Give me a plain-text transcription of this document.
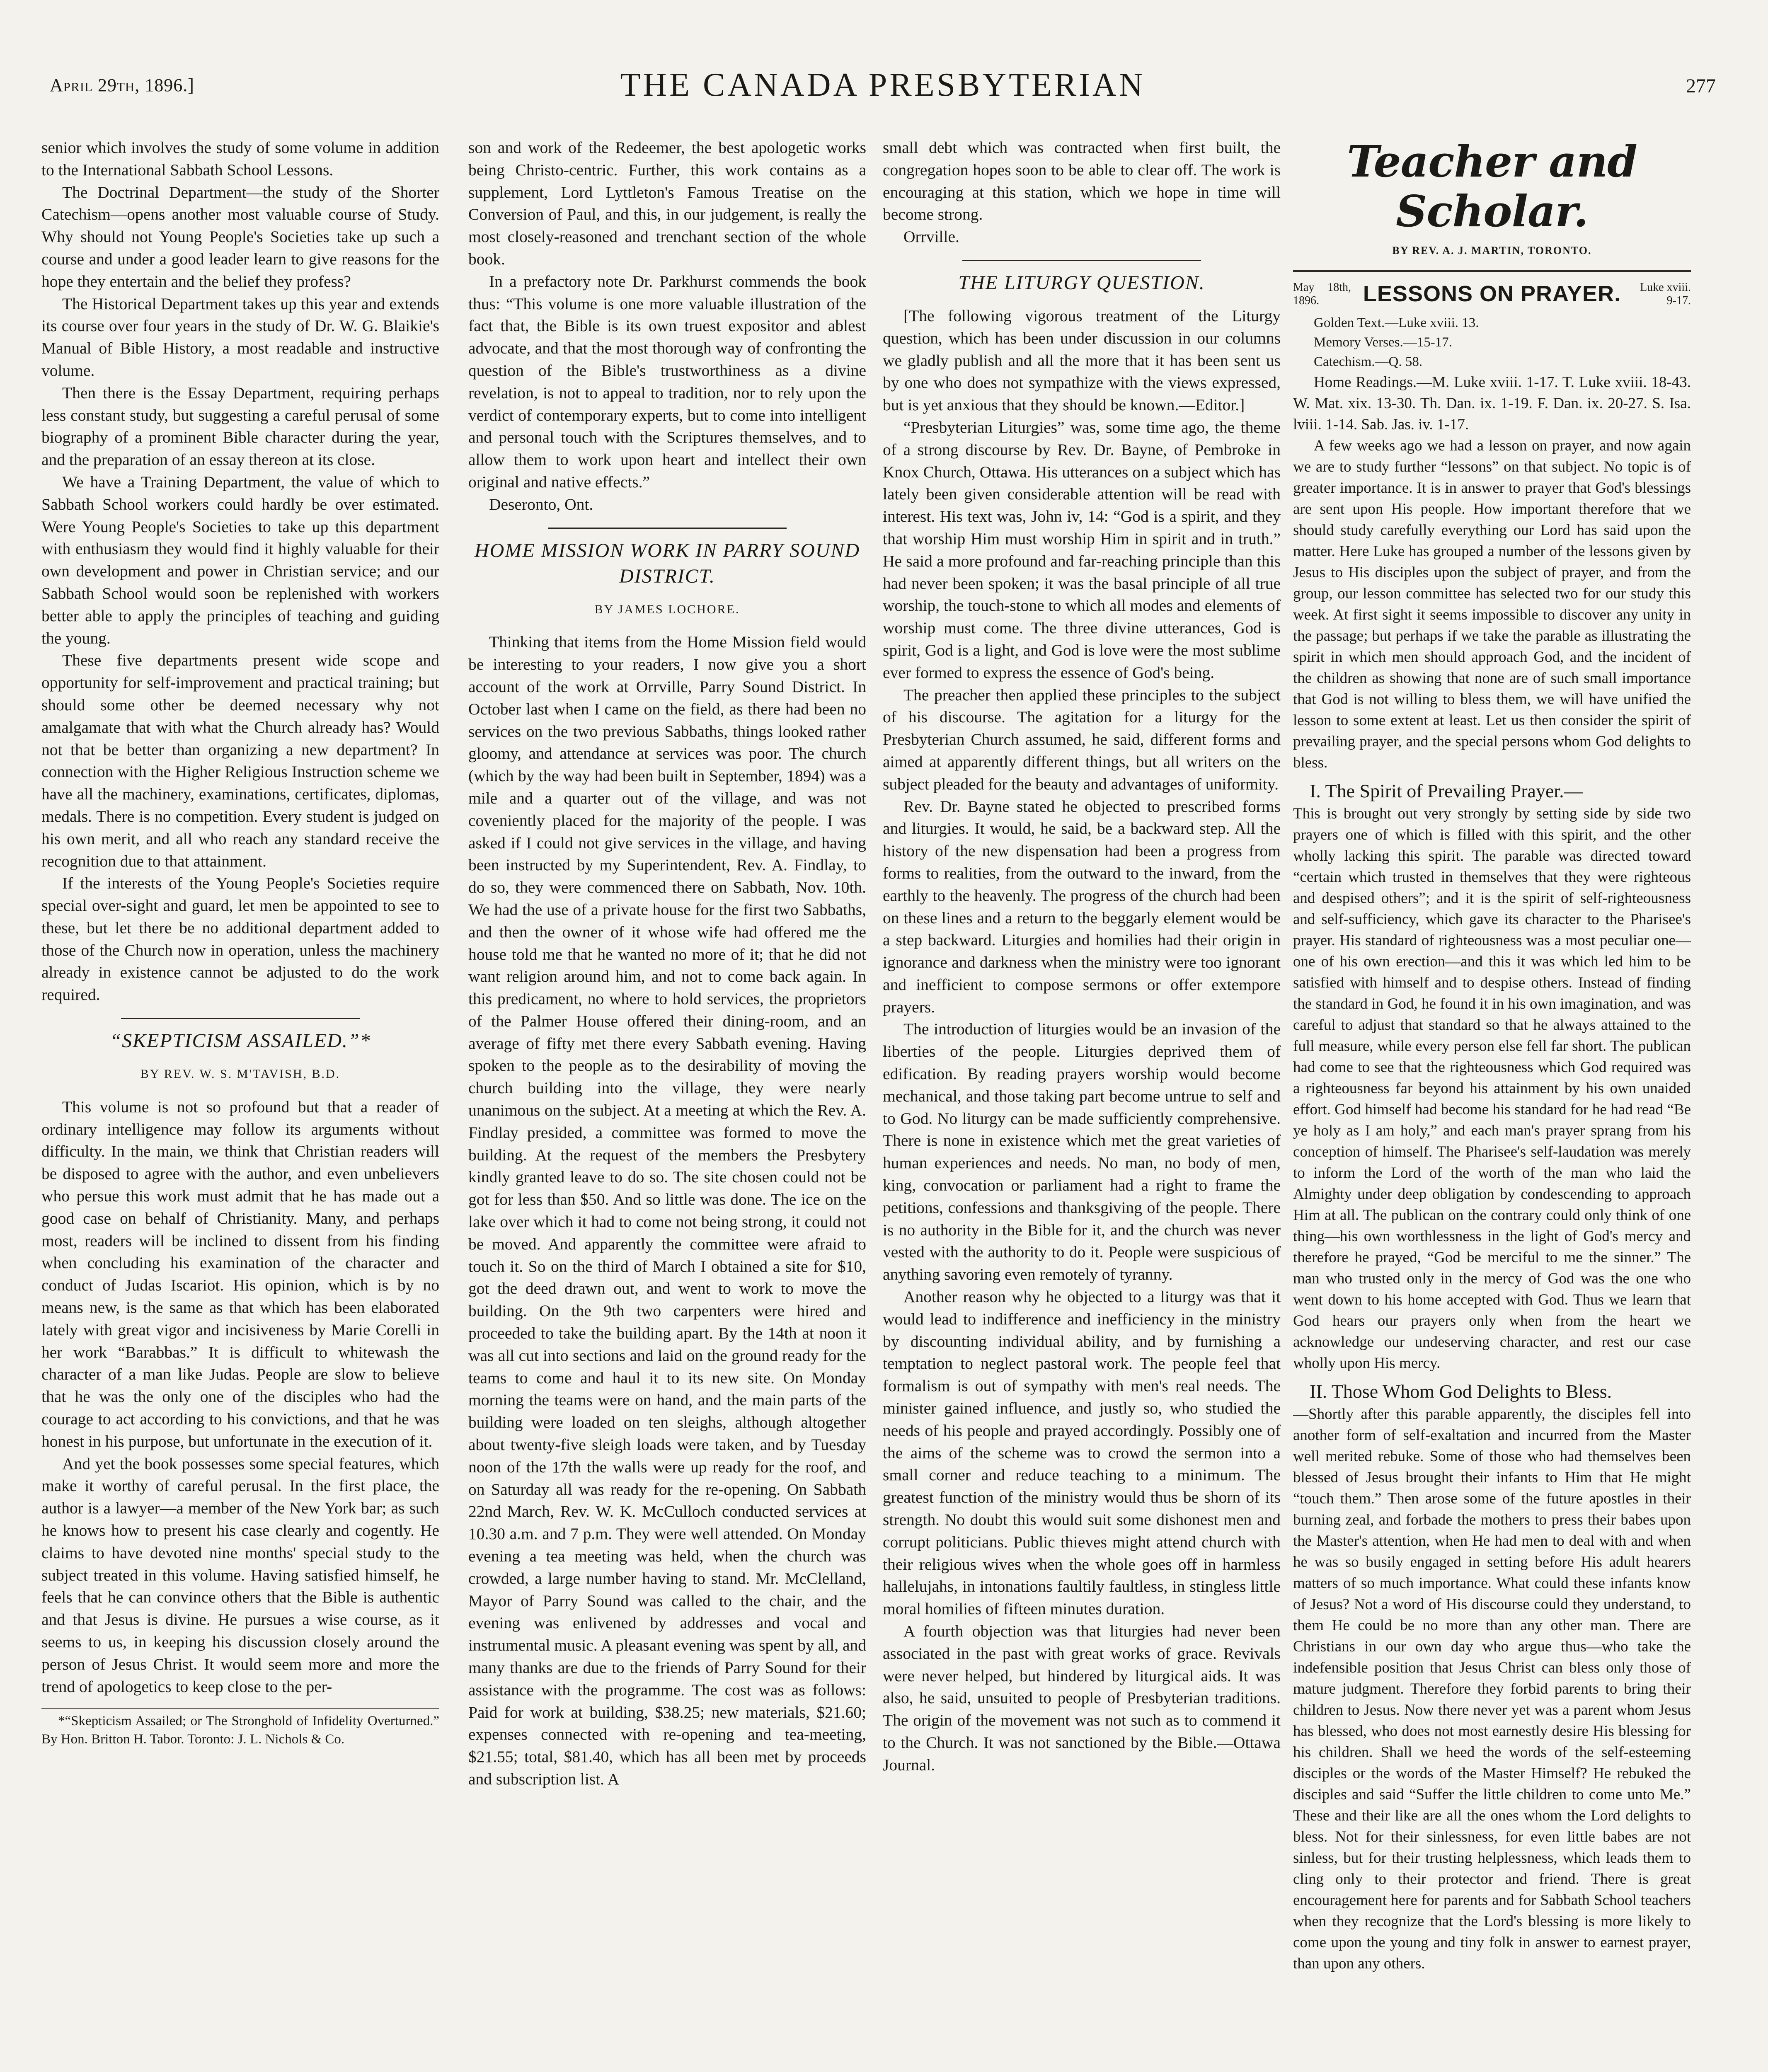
April 29th, 1896.]	THE CANADA PRESBYTERIAN	277

senior which involves the study of some volume in addition to the International Sabbath School Lessons.

The Doctrinal Department—the study of the Shorter Catechism—opens another most valuable course of Study. Why should not Young People's Societies take up such a course and under a good leader learn to give reasons for the hope they entertain and the belief they profess?

The Historical Department takes up this year and extends its course over four years in the study of Dr. W. G. Blaikie's Manual of Bible History, a most readable and instructive volume.

Then there is the Essay Department, requiring perhaps less constant study, but suggesting a careful perusal of some biography of a prominent Bible character during the year, and the preparation of an essay thereon at its close.

We have a Training Department, the value of which to Sabbath School workers could hardly be over estimated. Were Young People's Societies to take up this department with enthusiasm they would find it highly valuable for their own development and power in Christian service; and our Sabbath School would soon be replenished with workers better able to apply the principles of teaching and guiding the young.

These five departments present wide scope and opportunity for self-improvement and practical training; but should some other be deemed necessary why not amalgamate that with what the Church already has? Would not that be better than organizing a new department? In connection with the Higher Religious Instruction scheme we have all the machinery, examinations, certificates, diplomas, medals. There is no competition. Every student is judged on his own merit, and all who reach any standard receive the recognition due to that attainment.

If the interests of the Young People's Societies require special over-sight and guard, let men be appointed to see to these, but let there be no additional department added to those of the Church now in operation, unless the machinery already in existence cannot be adjusted to do the work required.

“SKEPTICISM ASSAILED.”*
BY REV. W. S. M'TAVISH, B.D.

This volume is not so profound but that a reader of ordinary intelligence may follow its arguments without difficulty. In the main, we think that Christian readers will be disposed to agree with the author, and even unbelievers who persue this work must admit that he has made out a good case on behalf of Christianity. Many, and perhaps most, readers will be inclined to dissent from his finding when concluding his examination of the character and conduct of Judas Iscariot. His opinion, which is by no means new, is the same as that which has been elaborated lately with great vigor and incisiveness by Marie Corelli in her work “Barabbas.” It is difficult to whitewash the character of a man like Judas. People are slow to believe that he was the only one of the disciples who had the courage to act according to his convictions, and that he was honest in his purpose, but unfortunate in the execution of it.

And yet the book possesses some special features, which make it worthy of careful perusal. In the first place, the author is a lawyer—a member of the New York bar; as such he knows how to present his case clearly and cogently. He claims to have devoted nine months' special study to the subject treated in this volume. Having satisfied himself, he feels that he can convince others that the Bible is authentic and that Jesus is divine. He pursues a wise course, as it seems to us, in keeping his discussion closely around the person of Jesus Christ. It would seem more and more the trend of apologetics to keep close to the per-

*“Skepticism Assailed; or The Stronghold of Infidelity Overturned.” By Hon. Britton H. Tabor. Toronto: J. L. Nichols & Co.

son and work of the Redeemer, the best apologetic works being Christo-centric. Further, this work contains as a supplement, Lord Lyttleton's Famous Treatise on the Conversion of Paul, and this, in our judgement, is really the most closely-reasoned and trenchant section of the whole book.

In a prefactory note Dr. Parkhurst commends the book thus: “This volume is one more valuable illustration of the fact that, the Bible is its own truest expositor and ablest advocate, and that the most thorough way of confronting the question of the Bible's trustworthiness as a divine revelation, is not to appeal to tradition, nor to rely upon the verdict of contemporary experts, but to come into intelligent and personal touch with the Scriptures themselves, and to allow them to work upon heart and intellect their own original and native effects.”

Deseronto, Ont.

HOME MISSION WORK IN PARRY SOUND DISTRICT.
BY JAMES LOCHORE.

Thinking that items from the Home Mission field would be interesting to your readers, I now give you a short account of the work at Orrville, Parry Sound District. In October last when I came on the field, as there had been no services on the two previous Sabbaths, things looked rather gloomy, and attendance at services was poor. The church (which by the way had been built in September, 1894) was a mile and a quarter out of the village, and was not coveniently placed for the majority of the people. I was asked if I could not give services in the village, and having been instructed by my Superintendent, Rev. A. Findlay, to do so, they were commenced there on Sabbath, Nov. 10th. We had the use of a private house for the first two Sabbaths, and then the owner of it whose wife had offered me the house told me that he wanted no more of it; that he did not want religion around him, and not to come back again. In this predicament, no where to hold services, the proprietors of the Palmer House offered their dining-room, and an average of fifty met there every Sabbath evening. Having spoken to the people as to the desirability of moving the church building into the village, they were nearly unanimous on the subject. At a meeting at which the Rev. A. Findlay presided, a committee was formed to move the building. At the request of the members the Presbytery kindly granted leave to do so. The site chosen could not be got for less than $50. And so little was done. The ice on the lake over which it had to come not being strong, it could not be moved. And apparently the committee were afraid to touch it. So on the third of March I obtained a site for $10, got the deed drawn out, and went to work to move the building. On the 9th two carpenters were hired and proceeded to take the building apart. By the 14th at noon it was all cut into sections and laid on the ground ready for the teams to come and haul it to its new site. On Monday morning the teams were on hand, and the main parts of the building were loaded on ten sleighs, although altogether about twenty-five sleigh loads were taken, and by Tuesday noon of the 17th the walls were up ready for the roof, and on Saturday all was ready for the re-opening. On Sabbath 22nd March, Rev. W. K. McCulloch conducted services at 10.30 a.m. and 7 p.m. They were well attended. On Monday evening a tea meeting was held, when the church was crowded, a large number having to stand. Mr. McClelland, Mayor of Parry Sound was called to the chair, and the evening was enlivened by addresses and vocal and instrumental music. A pleasant evening was spent by all, and many thanks are due to the friends of Parry Sound for their assistance with the programme. The cost was as follows: Paid for work at building, $38.25; new materials, $21.60; expenses connected with re-opening and tea-meeting, $21.55; total, $81.40, which has all been met by proceeds and subscription list. A

small debt which was contracted when first built, the congregation hopes soon to be able to clear off. The work is encouraging at this station, which we hope in time will become strong.

Orrville.

THE LITURGY QUESTION.

[The following vigorous treatment of the Liturgy question, which has been under discussion in our columns we gladly publish and all the more that it has been sent us by one who does not sympathize with the views expressed, but is yet anxious that they should be known.—Editor.]

“Presbyterian Liturgies” was, some time ago, the theme of a strong discourse by Rev. Dr. Bayne, of Pembroke in Knox Church, Ottawa. His utterances on a subject which has lately been given considerable attention will be read with interest. His text was, John iv, 14: “God is a spirit, and they that worship Him must worship Him in spirit and in truth.” He said a more profound and far-reaching principle than this had never been spoken; it was the basal principle of all true worship, the touch-stone to which all modes and elements of worship must come. The three divine utterances, God is spirit, God is a light, and God is love were the most sublime ever formed to express the essence of God's being.

The preacher then applied these principles to the subject of his discourse. The agitation for a liturgy for the Presbyterian Church assumed, he said, different forms and aimed at apparently different things, but all writers on the subject pleaded for the beauty and advantages of uniformity.

Rev. Dr. Bayne stated he objected to prescribed forms and liturgies. It would, he said, be a backward step. All the history of the new dispensation had been a progress from forms to realities, from the outward to the inward, from the earthly to the heavenly. The progress of the church had been on these lines and a return to the beggarly element would be a step backward. Liturgies and homilies had their origin in ignorance and darkness when the ministry were too ignorant and inefficient to compose sermons or offer extempore prayers.

The introduction of liturgies would be an invasion of the liberties of the people. Liturgies deprived them of edification. By reading prayers worship would become mechanical, and those taking part become untrue to self and to God. No liturgy can be made sufficiently comprehensive. There is none in existence which met the great varieties of human experiences and needs. No man, no body of men, king, convocation or parliament had a right to frame the petitions, confessions and thanksgiving of the people. There is no authority in the Bible for it, and the church was never vested with the authority to do it. People were suspicious of anything savoring even remotely of tyranny.

Another reason why he objected to a liturgy was that it would lead to indifference and inefficiency in the ministry by discounting individual ability, and by furnishing a temptation to neglect pastoral work. The people feel that formalism is out of sympathy with men's real needs. The minister gained influence, and justly so, who studied the needs of his people and prayed accordingly. Possibly one of the aims of the scheme was to crowd the sermon into a small corner and reduce teaching to a minimum. The greatest function of the ministry would thus be shorn of its strength. No doubt this would suit some dishonest men and corrupt politicians. Public thieves might attend church with their religious wives when the whole goes off in harmless hallelujahs, in intonations faultily faultless, in stingless little moral homilies of fifteen minutes duration.

A fourth objection was that liturgies had never been associated in the past with great works of grace. Revivals were never helped, but hindered by liturgical aids. It was also, he said, unsuited to people of Presbyterian traditions. The origin of the movement was not such as to commend it to the Church. It was not sanctioned by the Bible.—Ottawa Journal.

Teacher and Scholar.
BY REV. A. J. MARTIN, TORONTO.
May 18th, 1896.	LESSONS ON PRAYER.	Luke xviii. 9-17.
Golden Text.—Luke xviii. 13.
Memory Verses.—15-17.
Catechism.—Q. 58.

Home Readings.—M. Luke xviii. 1-17. T. Luke xviii. 18-43. W. Mat. xix. 13-30. Th. Dan. ix. 1-19. F. Dan. ix. 20-27. S. Isa. lviii. 1-14. Sab. Jas. iv. 1-17.

A few weeks ago we had a lesson on prayer, and now again we are to study further “lessons” on that subject. No topic is of greater importance. It is in answer to prayer that God's blessings are sent upon His people. How important therefore that we should study carefully everything our Lord has said upon the matter. Here Luke has grouped a number of the lessons given by Jesus to His disciples upon the subject of prayer, and from the group, our lesson committee has selected two for our study this week. At first sight it seems impossible to discover any unity in the passage; but perhaps if we take the parable as illustrating the spirit in which men should approach God, and the incident of the children as showing that none are of such small importance that God is not willing to bless them, we will have unified the lesson to some extent at least. Let us then consider the spirit of prevailing prayer, and the special persons whom God delights to bless.

I. The Spirit of Prevailing Prayer.—

This is brought out very strongly by setting side by side two prayers one of which is filled with this spirit, and the other wholly lacking this spirit. The parable was directed toward “certain which trusted in themselves that they were righteous and despised others”; and it is the spirit of self-righteousness and self-sufficiency, which gave its character to the Pharisee's prayer. His standard of righteousness was a most peculiar one—one of his own erection—and this it was which led him to be satisfied with himself and to despise others. Instead of finding the standard in God, he found it in his own imagination, and was careful to adjust that standard so that he always attained to the full measure, while every person else fell far short. The publican had come to see that the righteousness which God required was a righteousness far beyond his attainment by his own unaided effort. God himself had become his standard for he had read “Be ye holy as I am holy,” and each man's prayer sprang from his conception of himself. The Pharisee's self-laudation was merely to inform the Lord of the worth of the man who laid the Almighty under deep obligation by condescending to approach Him at all. The publican on the contrary could only think of one thing—his own worthlessness in the light of God's mercy and therefore he prayed, “God be merciful to me the sinner.” The man who trusted only in the mercy of God was the one who went down to his home accepted with God. Thus we learn that God hears our prayers only when from the heart we acknowledge our undeserving character, and rest our case wholly upon His mercy.

II. Those Whom God Delights to Bless.

—Shortly after this parable apparently, the disciples fell into another form of self-exaltation and incurred from the Master well merited rebuke. Some of those who had themselves been blessed of Jesus brought their infants to Him that He might “touch them.” Then arose some of the future apostles in their burning zeal, and forbade the mothers to press their babes upon the Master's attention, when He had men to deal with and when he was so busily engaged in setting before His adult hearers matters of so much importance. What could these infants know of Jesus? Not a word of His discourse could they understand, to them He could be no more than any other man. There are Christians in our own day who argue thus—who take the indefensible position that Jesus Christ can bless only those of mature judgment. Therefore they forbid parents to bring their children to Jesus. Now there never yet was a parent whom Jesus has blessed, who does not most earnestly desire His blessing for his children. Shall we heed the words of the self-esteeming disciples or the words of the Master Himself? He rebuked the disciples and said “Suffer the little children to come unto Me.” These and their like are all the ones whom the Lord delights to bless. Not for their sinlessness, for even little babes are not sinless, but for their trusting helplessness, which leads them to cling only to their protector and friend. There is great encouragement here for parents and for Sabbath School teachers when they recognize that the Lord's blessing is more likely to come upon the young and tiny folk in answer to earnest prayer, than upon any others.
